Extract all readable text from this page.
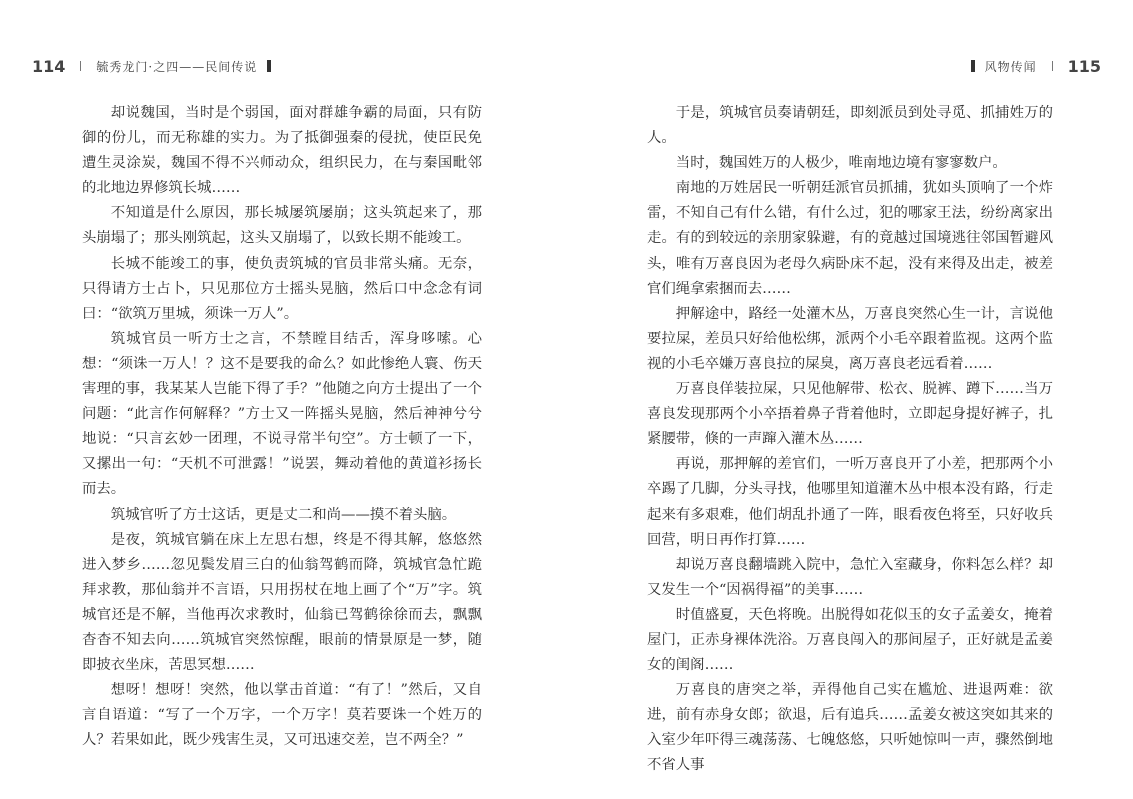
114	毓秀龙门·之四——民间传说

却说魏国，当时是个弱国，面对群雄争霸的局面，只有防御的份儿，而无称雄的实力。为了抵御强秦的侵扰，使臣民免遭生灵涂炭，魏国不得不兴师动众，组织民力，在与秦国毗邻的北地边界修筑长城……

不知道是什么原因，那长城屡筑屡崩；这头筑起来了，那头崩塌了；那头刚筑起，这头又崩塌了，以致长期不能竣工。

长城不能竣工的事，使负责筑城的官员非常头痛。无奈，只得请方士占卜，只见那位方士摇头晃脑，然后口中念念有词曰：“欲筑万里城，须诛一万人”。

筑城官员一听方士之言，不禁瞠目结舌，浑身哆嗦。心想：“须诛一万人！？这不是要我的命么？如此惨绝人寰、伤天害理的事，我某某人岂能下得了手？”他随之向方士提出了一个问题：“此言作何解释？”方士又一阵摇头晃脑，然后神神兮兮地说：“只言玄妙一团理，不说寻常半句空”。方士顿了一下，又摞出一句：“天机不可泄露！”说罢，舞动着他的黄道衫扬长而去。

筑城官听了方士这话，更是丈二和尚——摸不着头脑。

是夜，筑城官躺在床上左思右想，终是不得其解，悠悠然进入梦乡……忽见鬓发眉三白的仙翁驾鹤而降，筑城官急忙跪拜求教，那仙翁并不言语，只用拐杖在地上画了个“万”字。筑城官还是不解，当他再次求教时，仙翁已驾鹤徐徐而去，飘飘杳杳不知去向……筑城官突然惊醒，眼前的情景原是一梦，随即披衣坐床，苦思冥想……

想呀！想呀！突然，他以掌击首道：“有了！”然后，又自言自语道：“写了一个万字，一个万字！莫若要诛一个姓万的人？若果如此，既少残害生灵，又可迅速交差，岂不两全？”

风物传闻 115

于是，筑城官员奏请朝廷，即刻派员到处寻觅、抓捕姓万的人。

当时，魏国姓万的人极少，唯南地边境有寥寥数户。

南地的万姓居民一听朝廷派官员抓捕，犹如头顶响了一个炸雷，不知自己有什么错，有什么过，犯的哪家王法，纷纷离家出走。有的到较远的亲朋家躲避，有的竟越过国境逃往邻国暂避风头，唯有万喜良因为老母久病卧床不起，没有来得及出走，被差官们绳拿索捆而去……

押解途中，路经一处灌木丛，万喜良突然心生一计，言说他要拉屎，差员只好给他松绑，派两个小毛卒跟着监视。这两个监视的小毛卒嫌万喜良拉的屎臭，离万喜良老远看着……

万喜良佯装拉屎，只见他解带、松衣、脱裤、蹲下……当万喜良发现那两个小卒捂着鼻子背着他时，立即起身提好裤子，扎紧腰带，倏的一声蹿入灌木丛……

再说，那押解的差官们，一听万喜良开了小差，把那两个小卒踢了几脚，分头寻找，他哪里知道灌木丛中根本没有路，行走起来有多艰难，他们胡乱扑通了一阵，眼看夜色将至，只好收兵回营，明日再作打算……

却说万喜良翻墙跳入院中，急忙入室藏身，你料怎么样？却又发生一个“因祸得福”的美事……

时值盛夏，天色将晚。出脱得如花似玉的女子孟姜女，掩着屋门，正赤身裸体洗浴。万喜良闯入的那间屋子，正好就是孟姜女的闺阁……

万喜良的唐突之举，弄得他自己实在尴尬、进退两难：欲进，前有赤身女郎；欲退，后有追兵……孟姜女被这突如其来的入室少年吓得三魂荡荡、七魄悠悠，只听她惊叫一声，骤然倒地不省人事
